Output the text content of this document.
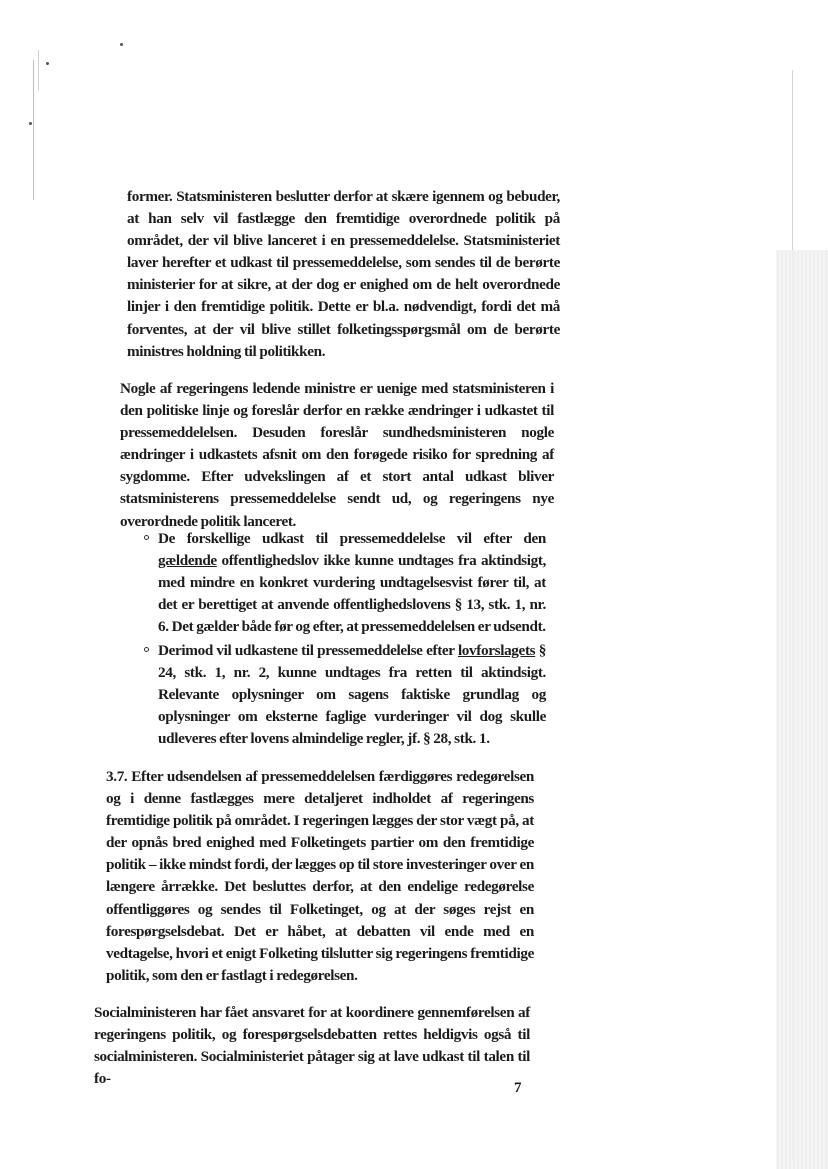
former. Statsministeren beslutter derfor at skære igennem og bebuder, at han selv vil fastlægge den fremtidige overordnede politik på området, der vil blive lanceret i en pressemeddelelse. Statsministeriet laver herefter et udkast til pressemeddelelse, som sendes til de berørte ministerier for at sikre, at der dog er enighed om de helt overordnede linjer i den fremtidige politik. Dette er bl.a. nødvendigt, fordi det må forventes, at der vil blive stillet folketingsspørgsmål om de berørte ministres holdning til politikken.

Nogle af regeringens ledende ministre er uenige med statsministeren i den politiske linje og foreslår derfor en række ændringer i udkastet til pressemeddelelsen. Desuden foreslår sundhedsministeren nogle ændringer i udkastets afsnit om den forøgede risiko for spredning af sygdomme. Efter udvekslingen af et stort antal udkast bliver statsministerens pressemeddelelse sendt ud, og regeringens nye overordnede politik lanceret.

De forskellige udkast til pressemeddelelse vil efter den gældende offentlighedslov ikke kunne undtages fra aktindsigt, med mindre en konkret vurdering undtagelsesvist fører til, at det er berettiget at anvende offentlighedslovens § 13, stk. 1, nr. 6. Det gælder både før og efter, at pressemeddelelsen er udsendt.
Derimod vil udkastene til pressemeddelelse efter lovforslagets § 24, stk. 1, nr. 2, kunne undtages fra retten til aktindsigt. Relevante oplysninger om sagens faktiske grundlag og oplysninger om eksterne faglige vurderinger vil dog skulle udleveres efter lovens almindelige regler, jf. § 28, stk. 1.

3.7. Efter udsendelsen af pressemeddelelsen færdiggøres redegørelsen og i denne fastlægges mere detaljeret indholdet af regeringens fremtidige politik på området. I regeringen lægges der stor vægt på, at der opnås bred enighed med Folketingets partier om den fremtidige politik – ikke mindst fordi, der lægges op til store investeringer over en længere årrække. Det besluttes derfor, at den endelige redegørelse offentliggøres og sendes til Folketinget, og at der søges rejst en forespørgselsdebat. Det er håbet, at debatten vil ende med en vedtagelse, hvori et enigt Folketing tilslutter sig regeringens fremtidige politik, som den er fastlagt i redegørelsen.

Socialministeren har fået ansvaret for at koordinere gennemførelsen af regeringens politik, og forespørgselsdebatten rettes heldigvis også til socialministeren. Socialministeriet påtager sig at lave udkast til talen til fo-

7
